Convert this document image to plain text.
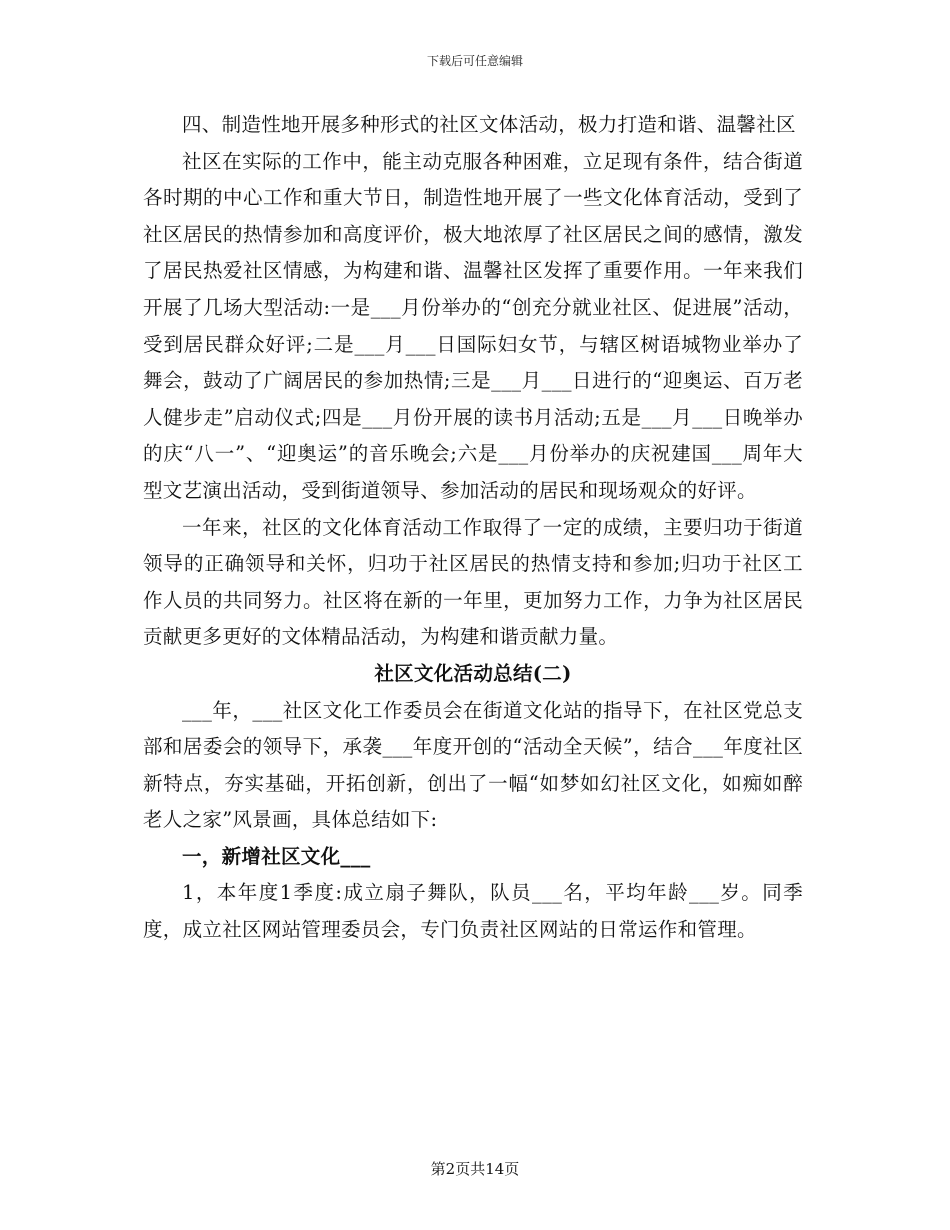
下载后可任意编辑

四、制造性地开展多种形式的社区文体活动，极力打造和谐、温馨社区

社区在实际的工作中，能主动克服各种困难，立足现有条件，结合街道各时期的中心工作和重大节日，制造性地开展了一些文化体育活动，受到了社区居民的热情参加和高度评价，极大地浓厚了社区居民之间的感情，激发了居民热爱社区情感，为构建和谐、温馨社区发挥了重要作用。一年来我们开展了几场大型活动:一是___月份举办的“创充分就业社区、促进展”活动，受到居民群众好评;二是___月___日国际妇女节，与辖区树语城物业举办了舞会，鼓动了广阔居民的参加热情;三是___月___日进行的“迎奥运、百万老人健步走”启动仪式;四是___月份开展的读书月活动;五是___月___日晚举办的庆“八一”、“迎奥运”的音乐晚会;六是___月份举办的庆祝建国___周年大型文艺演出活动，受到街道领导、参加活动的居民和现场观众的好评。

一年来，社区的文化体育活动工作取得了一定的成绩，主要归功于街道领导的正确领导和关怀，归功于社区居民的热情支持和参加;归功于社区工作人员的共同努力。社区将在新的一年里，更加努力工作，力争为社区居民贡献更多更好的文体精品活动，为构建和谐贡献力量。

社区文化活动总结(二)

___年，___社区文化工作委员会在街道文化站的指导下，在社区党总支部和居委会的领导下，承袭___年度开创的“活动全天候”，结合___年度社区新特点，夯实基础，开拓创新，创出了一幅“如梦如幻社区文化，如痴如醉老人之家”风景画，具体总结如下:

一，新增社区文化___

1，本年度1季度:成立扇子舞队，队员___名，平均年龄___岁。同季度，成立社区网站管理委员会，专门负责社区网站的日常运作和管理。

第2页共14页
